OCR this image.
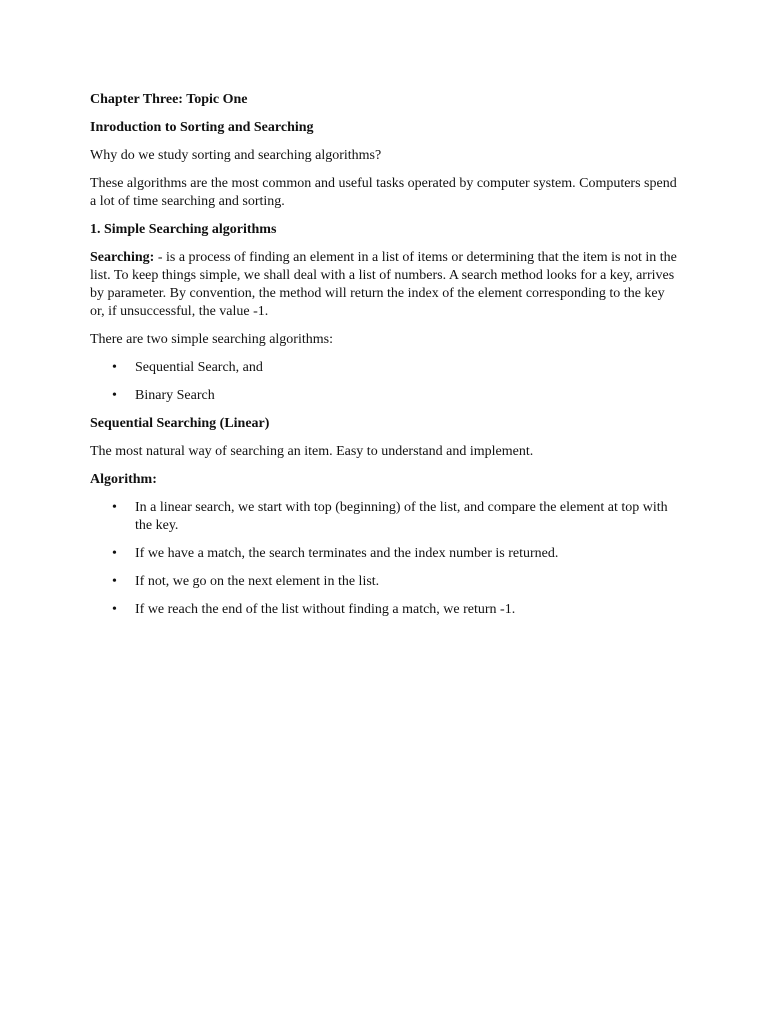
Chapter Three: Topic One

Inroduction to Sorting and Searching

Why do we study sorting and searching algorithms?

These algorithms are the most common and useful tasks operated by computer system. Computers spend a lot of time searching and sorting.

1. Simple Searching algorithms

Searching: - is a process of finding an element in a list of items or determining that the item is not in the list. To keep things simple, we shall deal with a list of numbers. A search method looks for a key, arrives by parameter. By convention, the method will return the index of the element corresponding to the key or, if unsuccessful, the value -1.

There are two simple searching algorithms:

•	Sequential Search, and
•	Binary Search

Sequential Searching (Linear)

The most natural way of searching an item. Easy to understand and implement.

Algorithm:

•	In a linear search, we start with top (beginning) of the list, and compare the element at top with the key.
•	If we have a match, the search terminates and the index number is returned.
•	If not, we go on the next element in the list.
•	If we reach the end of the list without finding a match, we return -1.
